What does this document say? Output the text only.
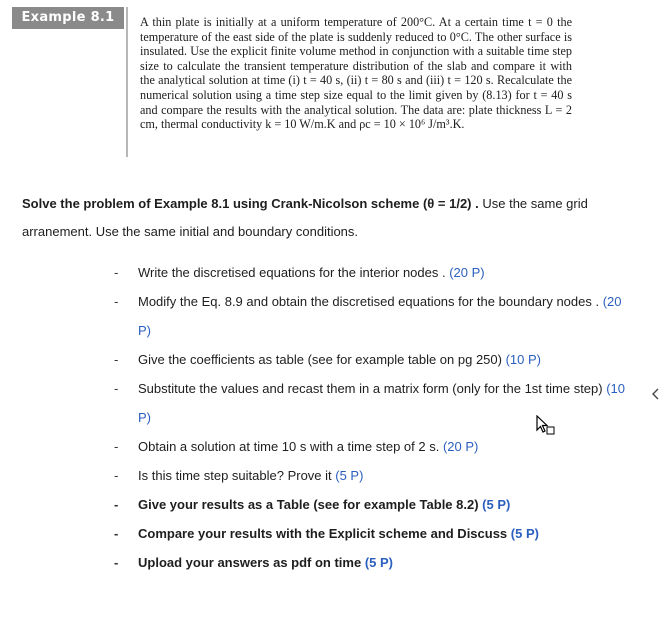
Example 8.1	A thin plate is initially at a uniform temperature of 200°C. At a certain time t = 0 the temperature of the east side of the plate is suddenly reduced to 0°C. The other surface is insulated. Use the explicit finite volume method in conjunction with a suitable time step size to calculate the transient temperature distribution of the slab and compare it with the analytical solution at time (i) t = 40 s, (ii) t = 80 s and (iii) t = 120 s. Recalculate the numerical solution using a time step size equal to the limit given by (8.13) for t = 40 s and compare the results with the analytical solution. The data are: plate thickness L = 2 cm, thermal conductivity k = 10 W/m.K and ρc = 10 × 10⁶ J/m³.K.
Solve the problem of Example 8.1 using Crank-Nicolson scheme (θ = 1/2) . Use the same grid arranement. Use the same initial and boundary conditions.
- Write the discretised equations for the interior nodes . (20 P)
- Modify the Eq. 8.9 and obtain the discretised equations for the boundary nodes . (20 P)
- Give the coefficients as table (see for example table on pg 250) (10 P)
- Substitute the values and recast them in a matrix form (only for the 1st time step) (10 P)
- Obtain a solution at time 10 s with a time step of 2 s. (20 P)
- Is this time step suitable? Prove it (5 P)
- Give your results as a Table (see for example Table 8.2) (5 P)
- Compare your results with the Explicit scheme and Discuss (5 P)
- Upload your answers as pdf on time (5 P)
